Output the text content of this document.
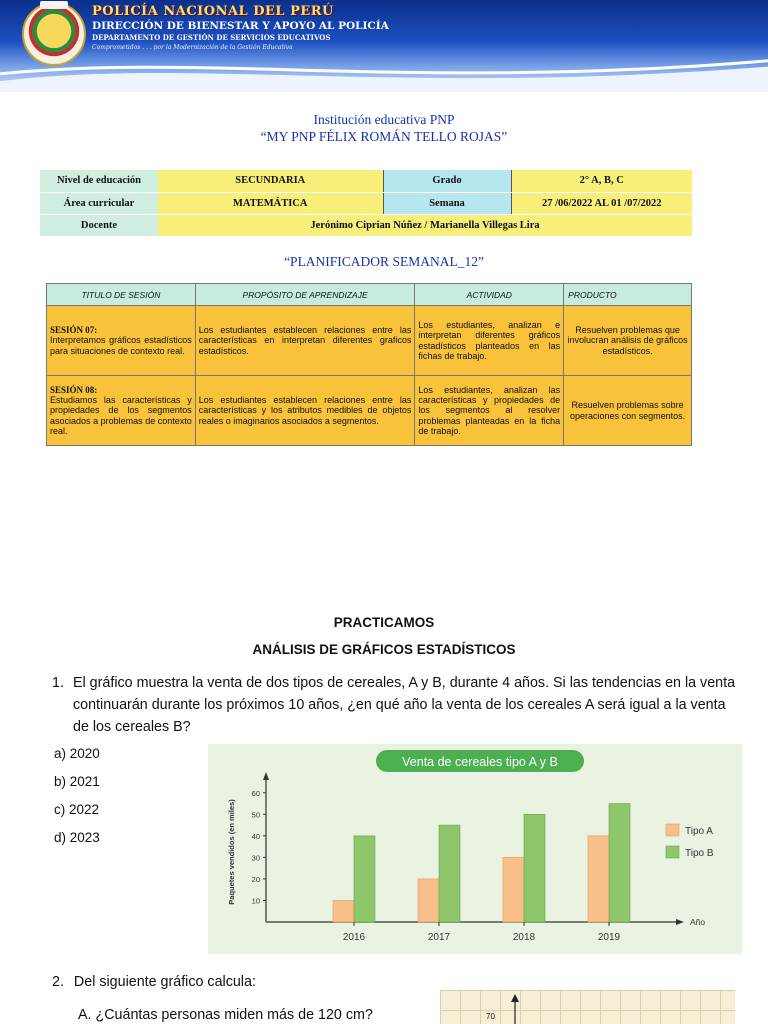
POLICÍA NACIONAL DEL PERÚ
DIRECCIÓN DE BIENESTAR Y APOYO AL POLICÍA
DEPARTAMENTO DE GESTIÓN DE SERVICIOS EDUCATIVOS
Comprometidos . . . por la Modernización de la Gestión Educativa
Institución educativa PNP
“MY PNP FÉLIX ROMÁN TELLO ROJAS”
Nivel de educación	SECUNDARIA	Grado	2° A, B, C
Área curricular	MATEMÁTICA	Semana	27 /06/2022 AL 01 /07/2022
Docente	Jerónimo Ciprian Núñez / Marianella Villegas Lira		
“PLANIFICADOR SEMANAL_12”
TITULO DE SESIÓN	PROPÓSITO DE APRENDIZAJE	ACTIVIDAD	PRODUCTO

SESIÓN 07:
Interpretamos gráficos estadísticos para situaciones de contexto real.	Los estudiantes establecen relaciones entre las características en interpretan diferentes graficos estadísticos.	Los estudiantes, analizan e interpretan diferentes gráficos estadísticos planteados en las fichas de trabajo.	Resuelven problemas que involucran análisis de gráficos estadísticos.

SESIÓN 08:
Estudiamos las características y propiedades de los segmentos asociados a problemas de contexto real.	Los estudiantes establecen relaciones entre las características y los atributos medibles de objetos reales o imaginarios asociados a segmentos.	Los estudiantes, analizan las características y propiedades de los segmentos al resolver problemas planteadas en la ficha de trabajo.	Resuelven problemas sobre operaciones con segmentos.
PRACTICAMOS
ANÁLISIS DE GRÁFICOS ESTADÍSTICOS
1. El gráfico muestra la venta de dos tipos de cereales, A y B, durante 4 años. Si las tendencias en la venta continuarán durante los próximos 10 años, ¿en qué año la venta de los cereales A será igual a la venta de los cereales B?
a) 2020
b) 2021
c) 2022
d) 2023
Venta de cereales tipo A y B
Paquetes vendidos (en miles)
Año
10
20
30
40
50
60
2016	2017	2018	2019
Tipo A
Tipo B
2. Del siguiente gráfico calcula:
A. ¿Cuántas personas miden más de 120 cm?	70
